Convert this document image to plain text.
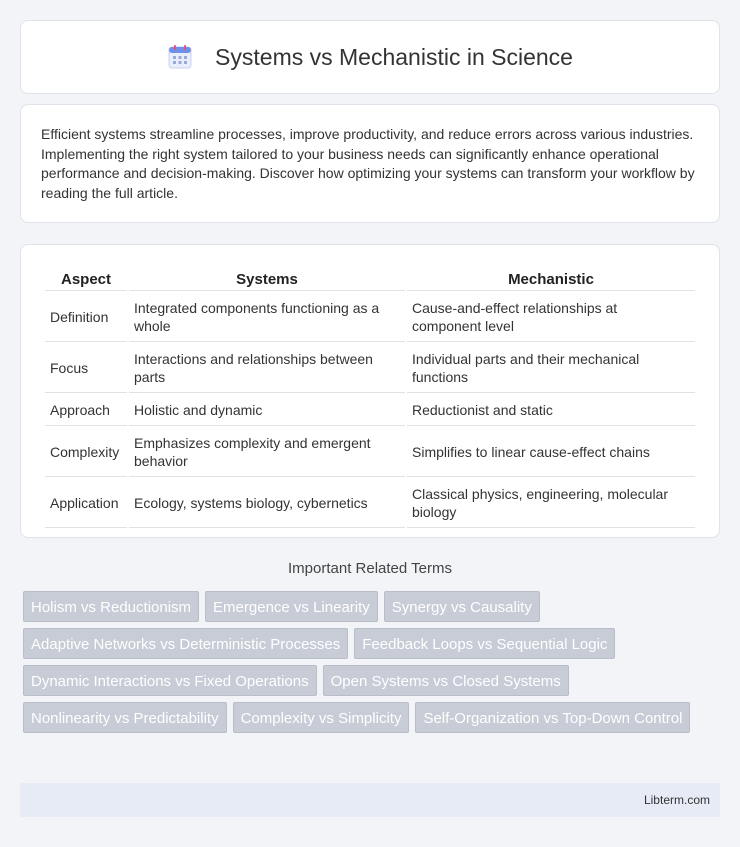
Systems vs Mechanistic in Science

Efficient systems streamline processes, improve productivity, and reduce errors across various industries. Implementing the right system tailored to your business needs can significantly enhance operational performance and decision-making. Discover how optimizing your systems can transform your workflow by reading the full article.

Aspect	Systems	Mechanistic
Definition	Integrated components functioning as a whole	Cause-and-effect relationships at component level
Focus	Interactions and relationships between parts	Individual parts and their mechanical functions
Approach	Holistic and dynamic	Reductionist and static
Complexity	Emphasizes complexity and emergent behavior	Simplifies to linear cause-effect chains
Application	Ecology, systems biology, cybernetics	Classical physics, engineering, molecular biology
Important Related Terms
Holism vs Reductionism	Emergence vs Linearity	Synergy vs Causality
Adaptive Networks vs Deterministic Processes	Feedback Loops vs Sequential Logic
Dynamic Interactions vs Fixed Operations	Open Systems vs Closed Systems
Nonlinearity vs Predictability	Complexity vs Simplicity	Self-Organization vs Top-Down Control
Libterm.com
